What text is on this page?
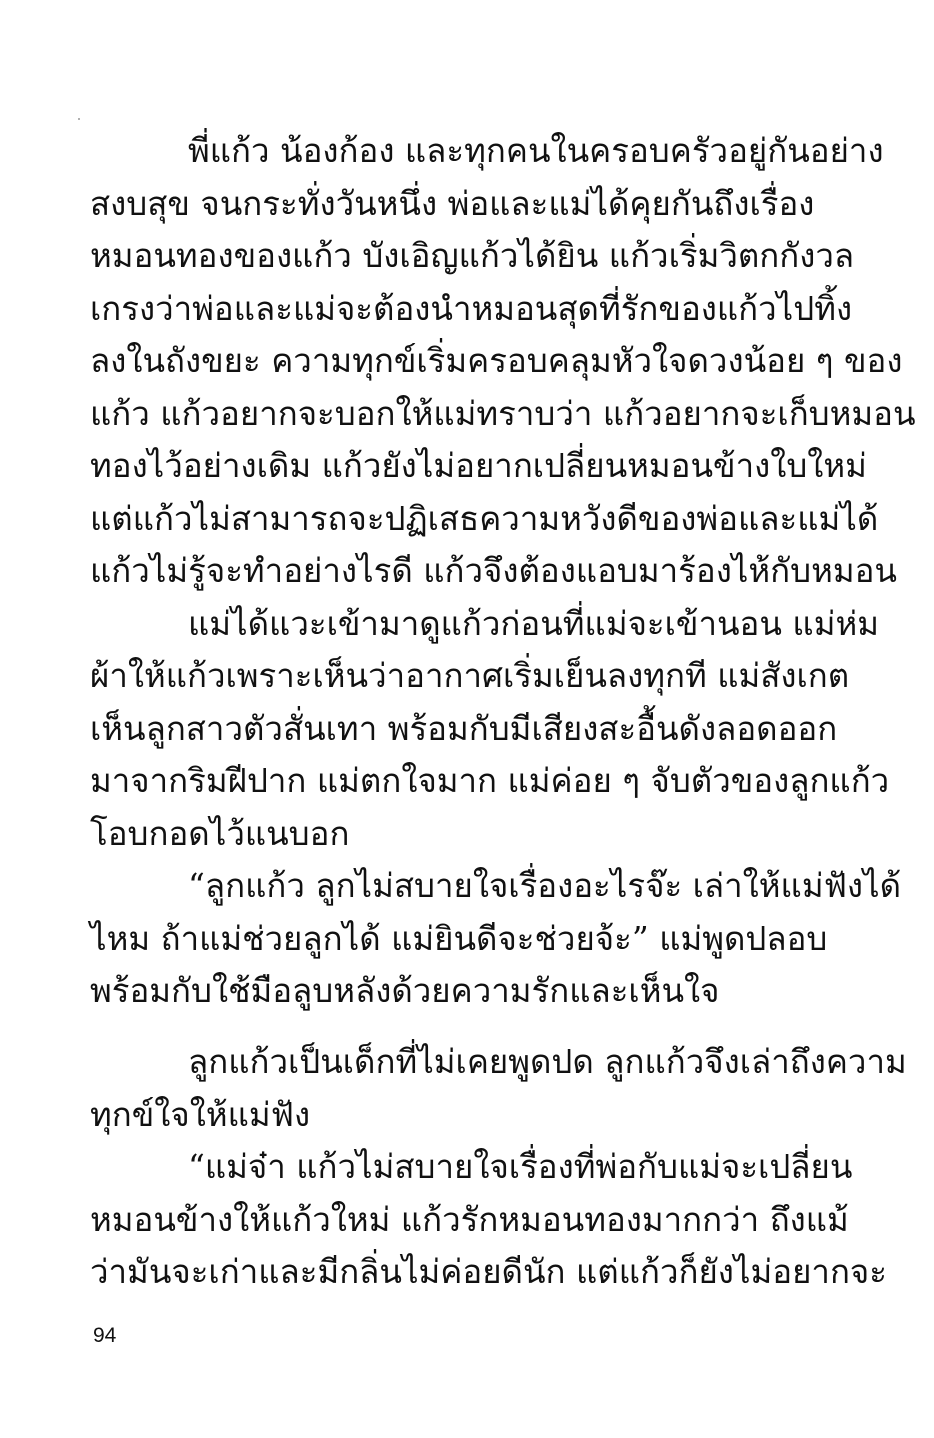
พี่แก้ว น้องก้อง และทุกคนในครอบครัวอยู่กันอย่าง
สงบสุข จนกระทั่งวันหนึ่ง พ่อและแม่ได้คุยกันถึงเรื่อง
หมอนทองของแก้ว บังเอิญแก้วได้ยิน แก้วเริ่มวิตกกังวล
เกรงว่าพ่อและแม่จะต้องนำหมอนสุดที่รักของแก้วไปทิ้ง
ลงในถังขยะ ความทุกข์เริ่มครอบคลุมหัวใจดวงน้อย ๆ ของ
แก้ว แก้วอยากจะบอกให้แม่ทราบว่า แก้วอยากจะเก็บหมอน
ทองไว้อย่างเดิม แก้วยังไม่อยากเปลี่ยนหมอนข้างใบใหม่
แต่แก้วไม่สามารถจะปฏิเสธความหวังดีของพ่อและแม่ได้
แก้วไม่รู้จะทำอย่างไรดี แก้วจึงต้องแอบมาร้องไห้กับหมอน
แม่ได้แวะเข้ามาดูแก้วก่อนที่แม่จะเข้านอน แม่ห่ม
ผ้าให้แก้วเพราะเห็นว่าอากาศเริ่มเย็นลงทุกที แม่สังเกต
เห็นลูกสาวตัวสั่นเทา พร้อมกับมีเสียงสะอื้นดังลอดออก
มาจากริมฝีปาก แม่ตกใจมาก แม่ค่อย ๆ จับตัวของลูกแก้ว
โอบกอดไว้แนบอก
“ลูกแก้ว ลูกไม่สบายใจเรื่องอะไรจ๊ะ เล่าให้แม่ฟังได้
ไหม ถ้าแม่ช่วยลูกได้ แม่ยินดีจะช่วยจ้ะ” แม่พูดปลอบ
พร้อมกับใช้มือลูบหลังด้วยความรักและเห็นใจ
ลูกแก้วเป็นเด็กที่ไม่เคยพูดปด ลูกแก้วจึงเล่าถึงความ
ทุกข์ใจให้แม่ฟัง
“แม่จ๋า แก้วไม่สบายใจเรื่องที่พ่อกับแม่จะเปลี่ยน
หมอนข้างให้แก้วใหม่ แก้วรักหมอนทองมากกว่า ถึงแม้
ว่ามันจะเก่าและมีกลิ่นไม่ค่อยดีนัก แต่แก้วก็ยังไม่อยากจะ
94
